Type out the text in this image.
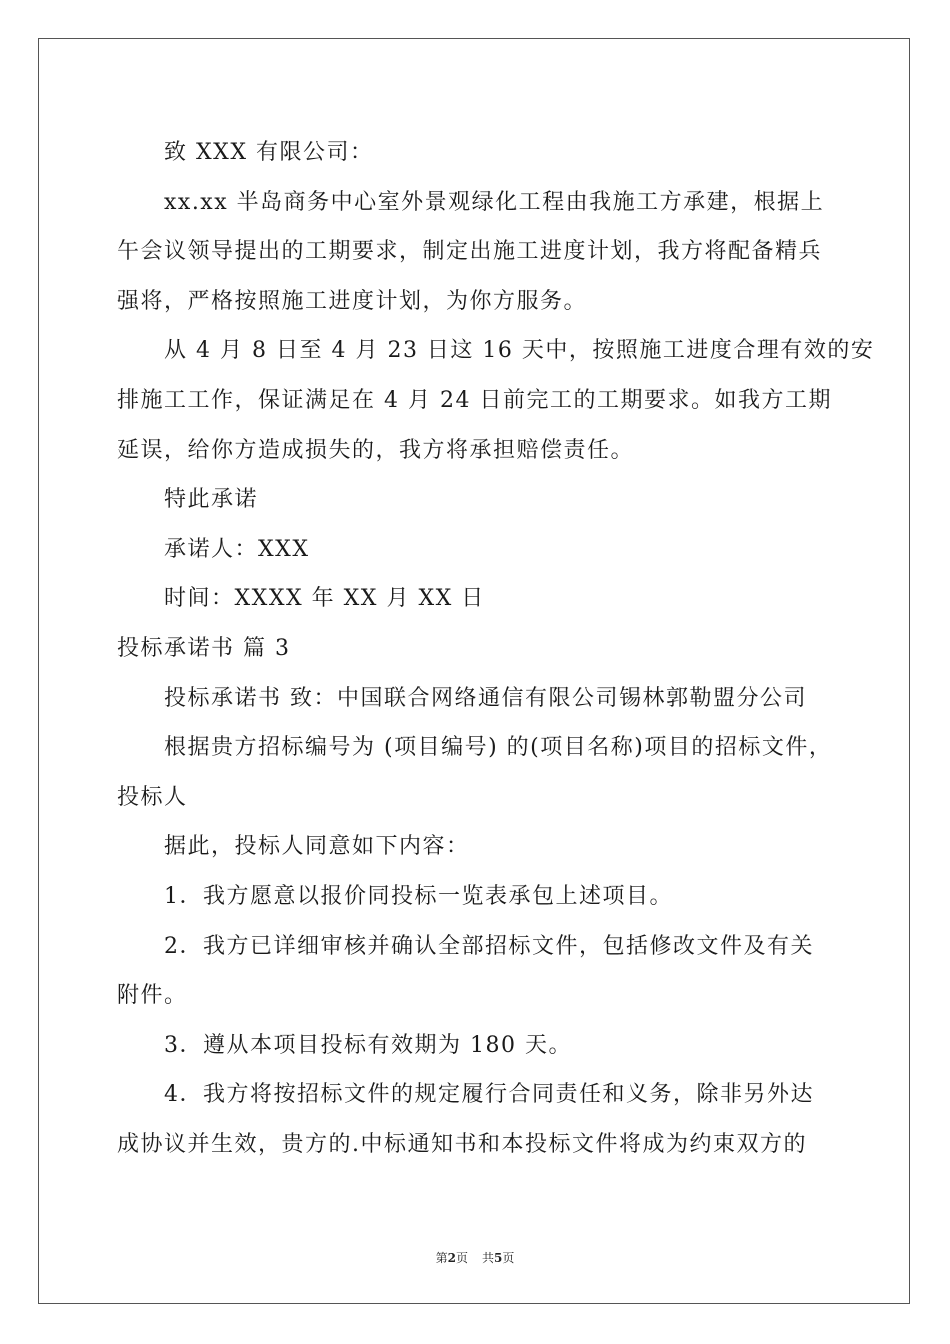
致 XXX 有限公司：
xx.xx 半岛商务中心室外景观绿化工程由我施工方承建，根据上
午会议领导提出的工期要求，制定出施工进度计划，我方将配备精兵
强将，严格按照施工进度计划，为你方服务。
从 4 月 8 日至 4 月 23 日这 16 天中，按照施工进度合理有效的安
排施工工作，保证满足在 4 月 24 日前完工的工期要求。如我方工期
延误，给你方造成损失的，我方将承担赔偿责任。
特此承诺
承诺人：XXX
时间：XXXX 年 XX 月 XX 日
投标承诺书 篇 3
投标承诺书 致：中国联合网络通信有限公司锡林郭勒盟分公司
根据贵方招标编号为 (项目编号) 的(项目名称)项目的招标文件，
投标人
据此，投标人同意如下内容：
1．我方愿意以报价同投标一览表承包上述项目。
2．我方已详细审核并确认全部招标文件，包括修改文件及有关
附件。
3．遵从本项目投标有效期为 180 天。
4．我方将按招标文件的规定履行合同责任和义务，除非另外达
成协议并生效，贵方的.中标通知书和本投标文件将成为约束双方的
第2页 共5页
